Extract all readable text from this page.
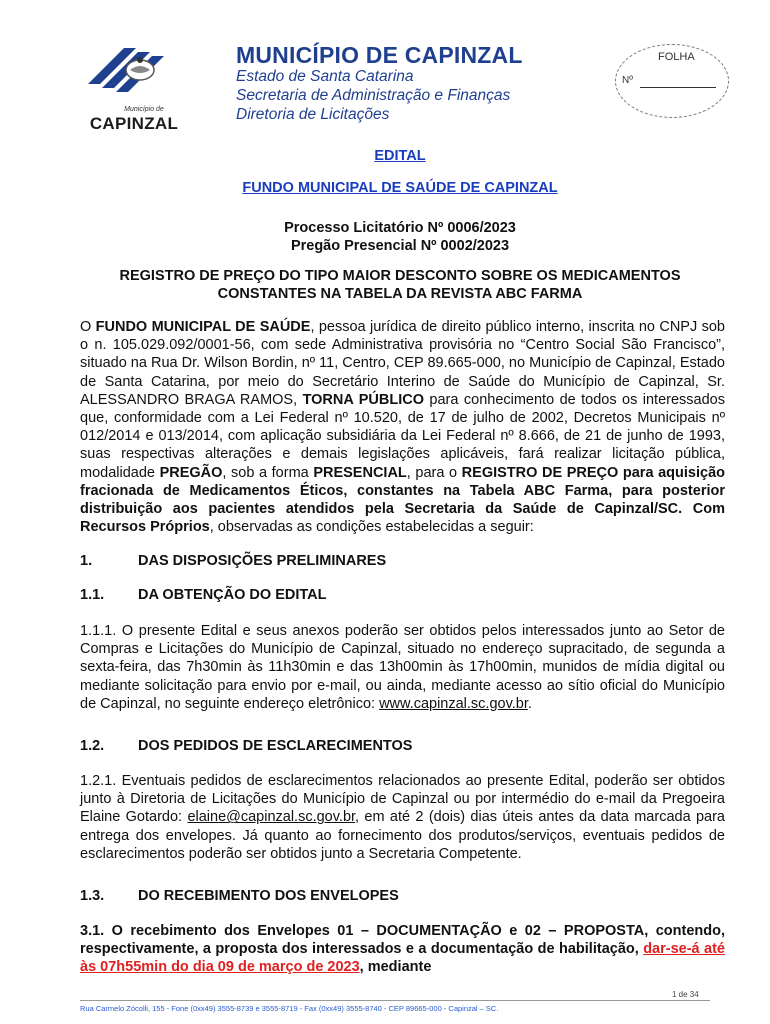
Município de
CAPINZAL
MUNICÍPIO DE CAPINZAL
Estado de Santa Catarina
Secretaria de Administração e Finanças
Diretoria de Licitações
FOLHA
Nº
EDITAL
FUNDO MUNICIPAL DE SAÚDE DE CAPINZAL
Processo Licitatório Nº 0006/2023
Pregão Presencial Nº 0002/2023
REGISTRO DE PREÇO DO TIPO MAIOR DESCONTO SOBRE OS MEDICAMENTOS
CONSTANTES NA TABELA DA REVISTA ABC FARMA
O FUNDO MUNICIPAL DE SAÚDE, pessoa jurídica de direito público interno, inscrita no CNPJ sob o n. 105.029.092/0001-56, com sede Administrativa provisória no “Centro Social São Francisco”, situado na Rua Dr. Wilson Bordin, nº 11, Centro, CEP 89.665-000, no Município de Capinzal, Estado de Santa Catarina, por meio do Secretário Interino de Saúde do Município de Capinzal, Sr. ALESSANDRO BRAGA RAMOS, TORNA PÚBLICO para conhecimento de todos os interessados que, conformidade com a Lei Federal nº 10.520, de 17 de julho de 2002, Decretos Municipais nº 012/2014 e 013/2014, com aplicação subsidiária da Lei Federal nº 8.666, de 21 de junho de 1993, suas respectivas alterações e demais legislações aplicáveis, fará realizar licitação pública, modalidade PREGÃO, sob a forma PRESENCIAL, para o REGISTRO DE PREÇO para aquisição fracionada de Medicamentos Éticos, constantes na Tabela ABC Farma, para posterior distribuição aos pacientes atendidos pela Secretaria da Saúde de Capinzal/SC. Com Recursos Próprios, observadas as condições estabelecidas a seguir:
1.	DAS DISPOSIÇÕES PRELIMINARES
1.1. DA OBTENÇÃO DO EDITAL
1.1.1. O presente Edital e seus anexos poderão ser obtidos pelos interessados junto ao Setor de Compras e Licitações do Município de Capinzal, situado no endereço supracitado, de segunda a sexta-feira, das 7h30min às 11h30min e das 13h00min às 17h00min, munidos de mídia digital ou mediante solicitação para envio por e-mail, ou ainda, mediante acesso ao sítio oficial do Município de Capinzal, no seguinte endereço eletrônico: www.capinzal.sc.gov.br.
1.2. DOS PEDIDOS DE ESCLARECIMENTOS
1.2.1. Eventuais pedidos de esclarecimentos relacionados ao presente Edital, poderão ser obtidos junto à Diretoria de Licitações do Município de Capinzal ou por intermédio do e-mail da Pregoeira Elaine Gotardo: elaine@capinzal.sc.gov.br, em até 2 (dois) dias úteis antes da data marcada para entrega dos envelopes. Já quanto ao fornecimento dos produtos/serviços, eventuais pedidos de esclarecimentos poderão ser obtidos junto a Secretaria Competente.
1.3. DO RECEBIMENTO DOS ENVELOPES
3.1. O recebimento dos Envelopes 01 – DOCUMENTAÇÃO e 02 – PROPOSTA, contendo, respectivamente, a proposta dos interessados e a documentação de habilitação, dar-se-á até às 07h55min do dia 09 de março de 2023, mediante
1 de 34
Rua Carmelo Zócolli, 155 - Fone (0xx49) 3555-8739 e 3555-8719 - Fax (0xx49) 3555-8740 - CEP 89665-000 - Capinzal – SC.
